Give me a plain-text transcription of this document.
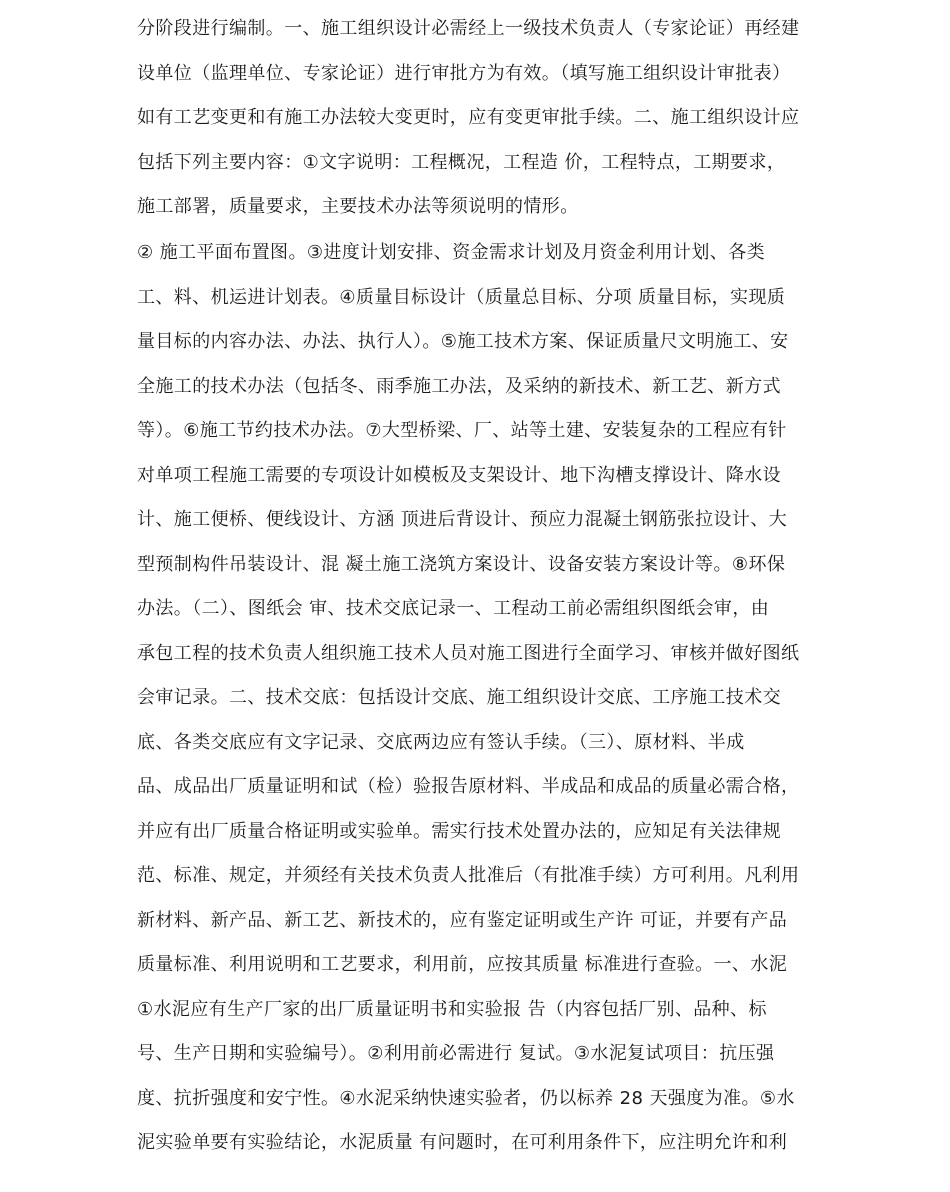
分阶段进行编制。一、施工组织设计必需经上一级技术负责人（专家论证）再经建
设单位（监理单位、专家论证）进行审批方为有效。（填写施工组织设计审批表）
如有工艺变更和有施工办法较大变更时，应有变更审批手续。二、施工组织设计应
包括下列主要内容：①文字说明：工程概况，工程造 价，工程特点，工期要求，
施工部署，质量要求，主要技术办法等须说明的情形。
② 施工平面布置图。③进度计划安排、资金需求计划及月资金利用计划、各类
工、料、机运进计划表。④质量目标设计（质量总目标、分项 质量目标，实现质
量目标的内容办法、办法、执行人）。⑤施工技术方案、保证质量尺文明施工、安
全施工的技术办法（包括冬、雨季施工办法，及采纳的新技术、新工艺、新方式
等）。⑥施工节约技术办法。⑦大型桥梁、厂、站等土建、安装复杂的工程应有针
对单项工程施工需要的专项设计如模板及支架设计、地下沟槽支撑设计、降水设
计、施工便桥、便线设计、方涵 顶进后背设计、预应力混凝土钢筋张拉设计、大
型预制构件吊装设计、混 凝土施工浇筑方案设计、设备安装方案设计等。⑧环保
办法。（二）、图纸会 审、技术交底记录一、工程动工前必需组织图纸会审，由
承包工程的技术负责人组织施工技术人员对施工图进行全面学习、审核并做好图纸
会审记录。二、技术交底：包括设计交底、施工组织设计交底、工序施工技术交
底、各类交底应有文字记录、交底两边应有签认手续。（三）、原材料、半成
品、成品出厂质量证明和试（检）验报告原材料、半成品和成品的质量必需合格，
并应有出厂质量合格证明或实验单。需实行技术处置办法的，应知足有关法律规
范、标准、规定，并须经有关技术负责人批准后（有批准手续）方可利用。凡利用
新材料、新产品、新工艺、新技术的，应有鉴定证明或生产许 可证，并要有产品
质量标准、利用说明和工艺要求，利用前，应按其质量 标准进行查验。一、水泥
①水泥应有生产厂家的出厂质量证明书和实验报 告（内容包括厂别、品种、标
号、生产日期和实验编号）。②利用前必需进行 复试。③水泥复试项目：抗压强
度、抗折强度和安宁性。④水泥采纳快速实验者，仍以标养 28 天强度为准。⑤水
泥实验单要有实验结论，水泥质量 有问题时，在可利用条件下，应注明允许和利
